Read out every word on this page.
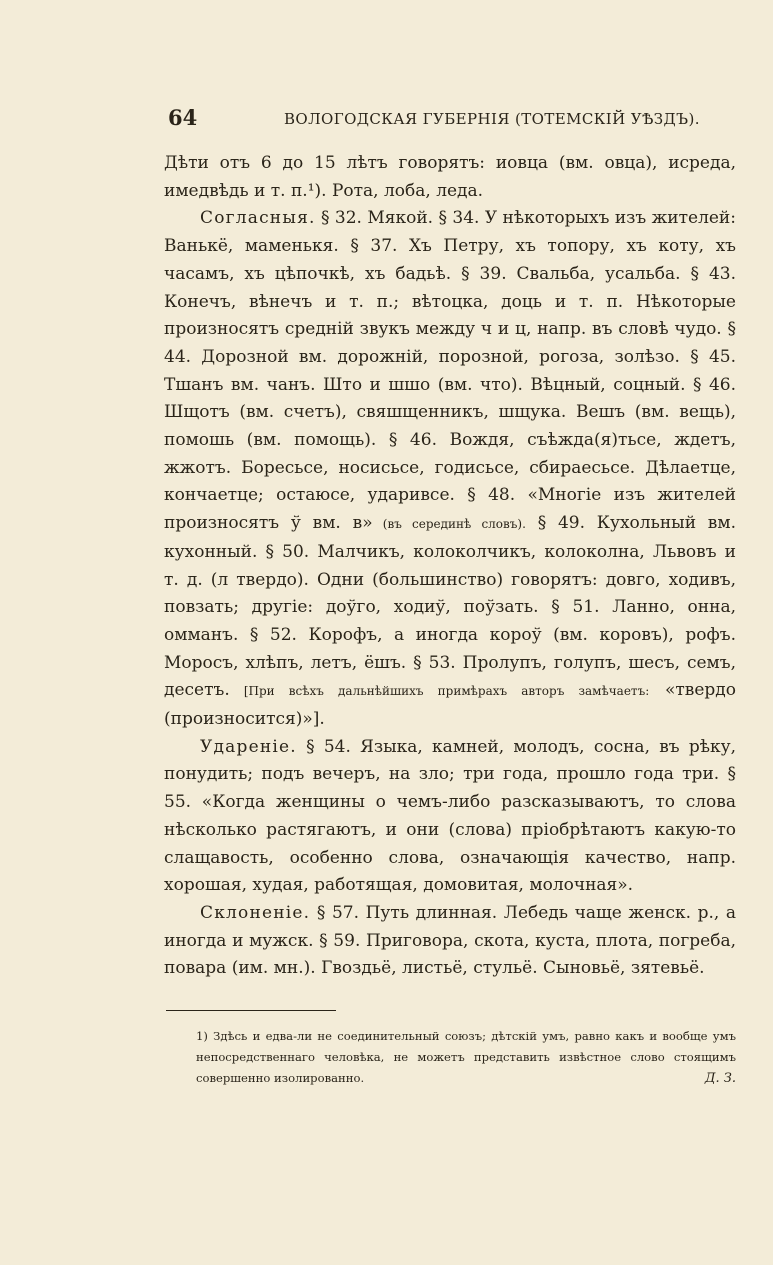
64	ВОЛОГОДСКАЯ ГУБЕРНІЯ (ТОТЕМСКІЙ УѢЗДЪ).

Дѣти отъ 6 до 15 лѣтъ говорятъ: иовца (вм. овца), исреда, имедвѣдь и т. п.¹). Рота, лоба, леда.

Согласныя. § 32. Мякой. § 34. У нѣкоторыхъ изъ жителей: Ванькё, маменькя. § 37. Хъ Петру, хъ топору, хъ коту, хъ часамъ, хъ цѣпочкѣ, хъ бадьѣ. § 39. Свальба, усальба. § 43. Конечъ, вѣнечъ и т. п.; вѣтоцка, доць и т. п. Нѣкоторые произносятъ средній звукъ между ч и ц, напр. въ словѣ чудо. § 44. Дорозной вм. дорожній, порозной, рогоза, золѣзо. § 45. Тшанъ вм. чанъ. Што и шшо (вм. что). Вѣцный, соцный. § 46. Шщотъ (вм. счетъ), свяшщенникъ, шщука. Вешъ (вм. вещь), помошь (вм. помощь). § 46. Вождя, съѣжда(я)тьсе, ждетъ, жжотъ. Боресьсе, носисьсе, годисьсе, сбираесьсе. Дѣлаетце, кончаетце; остаюсе, ударивсе. § 48. «Многіе изъ жителей произносятъ ў вм. в» (въ серединѣ словъ). § 49. Кухольный вм. кухонный. § 50. Малчикъ, колоколчикъ, колоколна, Львовъ и т. д. (л твердо). Одни (большинство) говорятъ: довго, ходивъ, повзать; другіе: доўго, ходиў, поўзать. § 51. Ланно, онна, омманъ. § 52. Корофъ, а иногда короў (вм. коровъ), рофъ. Моросъ, хлѣпъ, летъ, ёшъ. § 53. Пролупъ, голупъ, шесъ, семъ, десетъ. [При всѣхъ дальнѣйшихъ примѣрахъ авторъ замѣчаетъ: «твердо (произносится)»].

Удареніе. § 54. Языка, камней, молодъ, сосна, въ рѣку, понудить; подъ вечеръ, на зло; три года, прошло года три. § 55. «Когда женщины о чемъ-либо разсказываютъ, то слова нѣсколько растягаютъ, и они (слова) пріобрѣтаютъ какую-то слащавость, особенно слова, означающія качество, напр. хорошая, худая, работящая, домовитая, молочная».

Склоненіе. § 57. Путь длинная. Лебедь чаще женск. р., а иногда и мужск. § 59. Приговора, скота, куста, плота, погреба, повара (им. мн.). Гвоздьё, листьё, стульё. Сыновьё, зятевьё.

1) Здѣсь и едва-ли не соединительный союзъ; дѣтскій умъ, равно какъ и вообще умъ непосредственнаго человѣка, не можетъ представить извѣстное слово стоящимъ совершенно изолированно.	Д. З.
